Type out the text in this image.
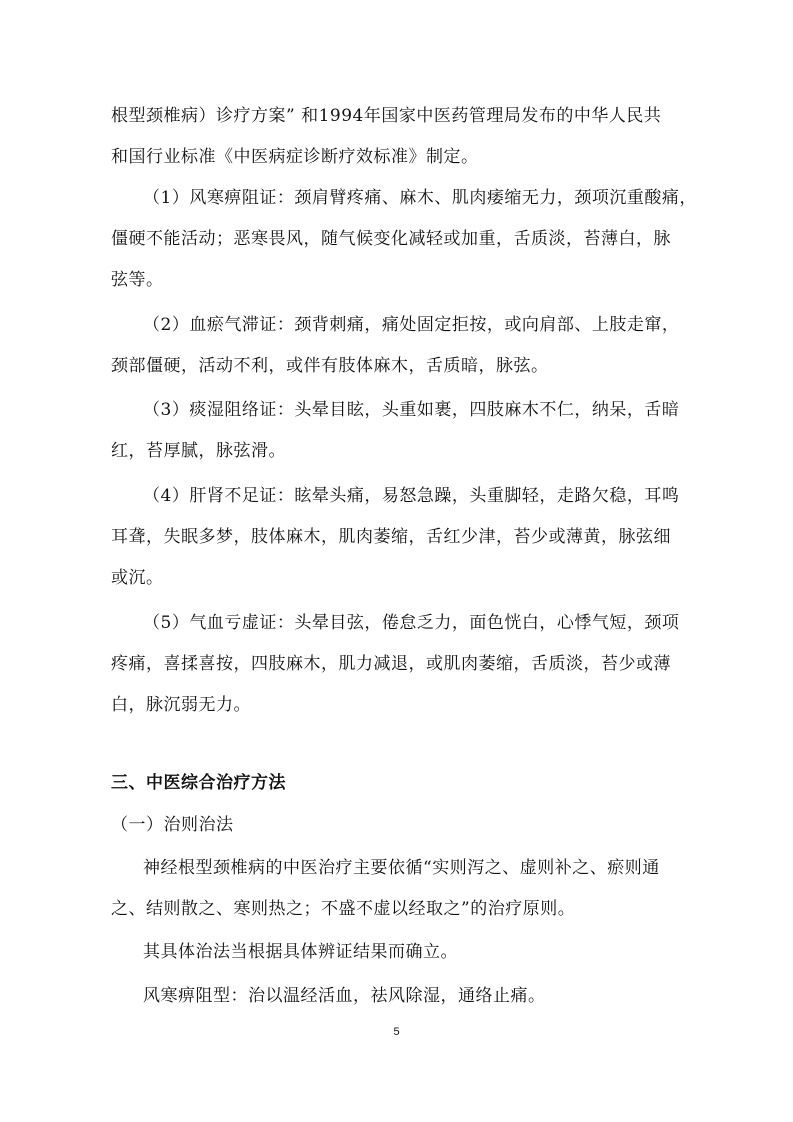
根型颈椎病）诊疗方案” 和1994年国家中医药管理局发布的中华人民共
和国行业标准《中医病症诊断疗效标准》制定。
（1）风寒痹阻证：颈肩臂疼痛、麻木、肌肉痿缩无力，颈项沉重酸痛，
僵硬不能活动；恶寒畏风，随气候变化减轻或加重，舌质淡，苔薄白，脉
弦等。
（2）血瘀气滞证：颈背刺痛，痛处固定拒按，或向肩部、上肢走窜，
颈部僵硬，活动不利，或伴有肢体麻木，舌质暗，脉弦。
（3）痰湿阻络证：头晕目眩，头重如裹，四肢麻木不仁，纳呆，舌暗
红，苔厚腻，脉弦滑。
（4）肝肾不足证：眩晕头痛，易怒急躁，头重脚轻，走路欠稳，耳鸣
耳聋，失眠多梦，肢体麻木，肌肉萎缩，舌红少津，苔少或薄黄，脉弦细
或沉。
（5）气血亏虚证：头晕目弦，倦怠乏力，面色恍白，心悸气短，颈项
疼痛，喜揉喜按，四肢麻木，肌力减退，或肌肉萎缩，舌质淡，苔少或薄
白，脉沉弱无力。
三、中医综合治疗方法
（一）治则治法
神经根型颈椎病的中医治疗主要依循“实则泻之、虚则补之、瘀则通
之、结则散之、寒则热之；不盛不虚以经取之”的治疗原则。
其具体治法当根据具体辨证结果而确立。
风寒痹阻型：治以温经活血，祛风除湿，通络止痛。
5
